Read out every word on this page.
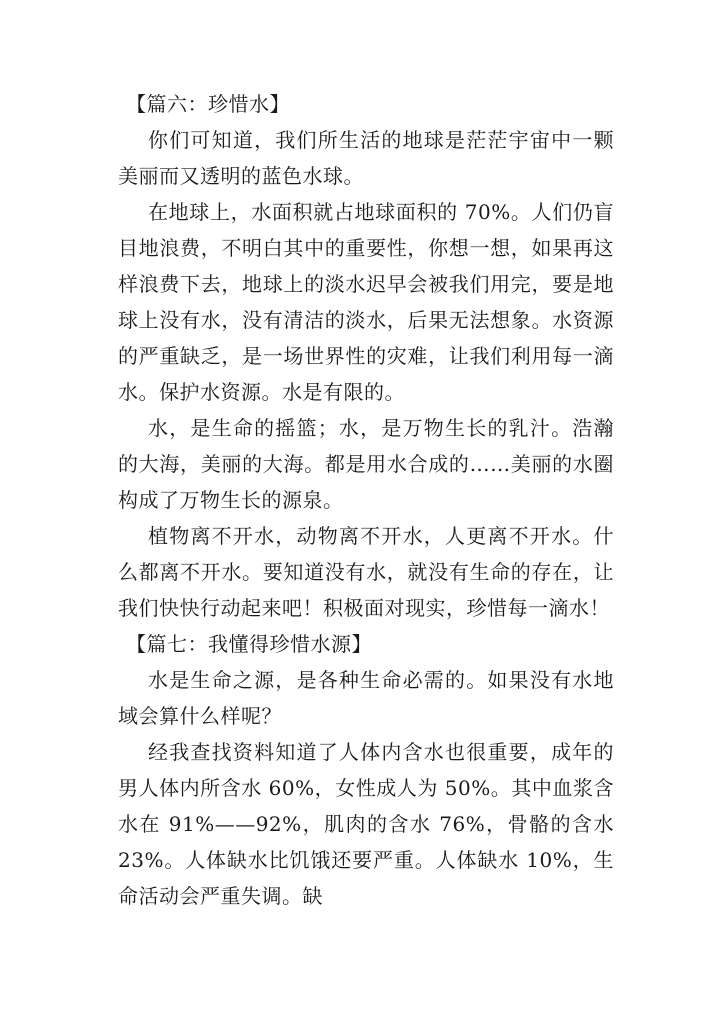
【篇六：珍惜水】

你们可知道，我们所生活的地球是茫茫宇宙中一颗美丽而又透明的蓝色水球。

在地球上，水面积就占地球面积的 70%。人们仍盲目地浪费，不明白其中的重要性，你想一想，如果再这样浪费下去，地球上的淡水迟早会被我们用完，要是地球上没有水，没有清洁的淡水，后果无法想象。水资源的严重缺乏，是一场世界性的灾难，让我们利用每一滴水。保护水资源。水是有限的。

水，是生命的摇篮；水，是万物生长的乳汁。浩瀚的大海，美丽的大海。都是用水合成的……美丽的水圈构成了万物生长的源泉。

植物离不开水，动物离不开水，人更离不开水。什么都离不开水。要知道没有水，就没有生命的存在，让我们快快行动起来吧！积极面对现实，珍惜每一滴水！

【篇七：我懂得珍惜水源】

水是生命之源，是各种生命必需的。如果没有水地域会算什么样呢？

经我查找资料知道了人体内含水也很重要，成年的男人体内所含水 60%，女性成人为 50%。其中血浆含水在 91%——92%，肌肉的含水 76%，骨骼的含水 23%。人体缺水比饥饿还要严重。人体缺水 10%，生命活动会严重失调。缺
